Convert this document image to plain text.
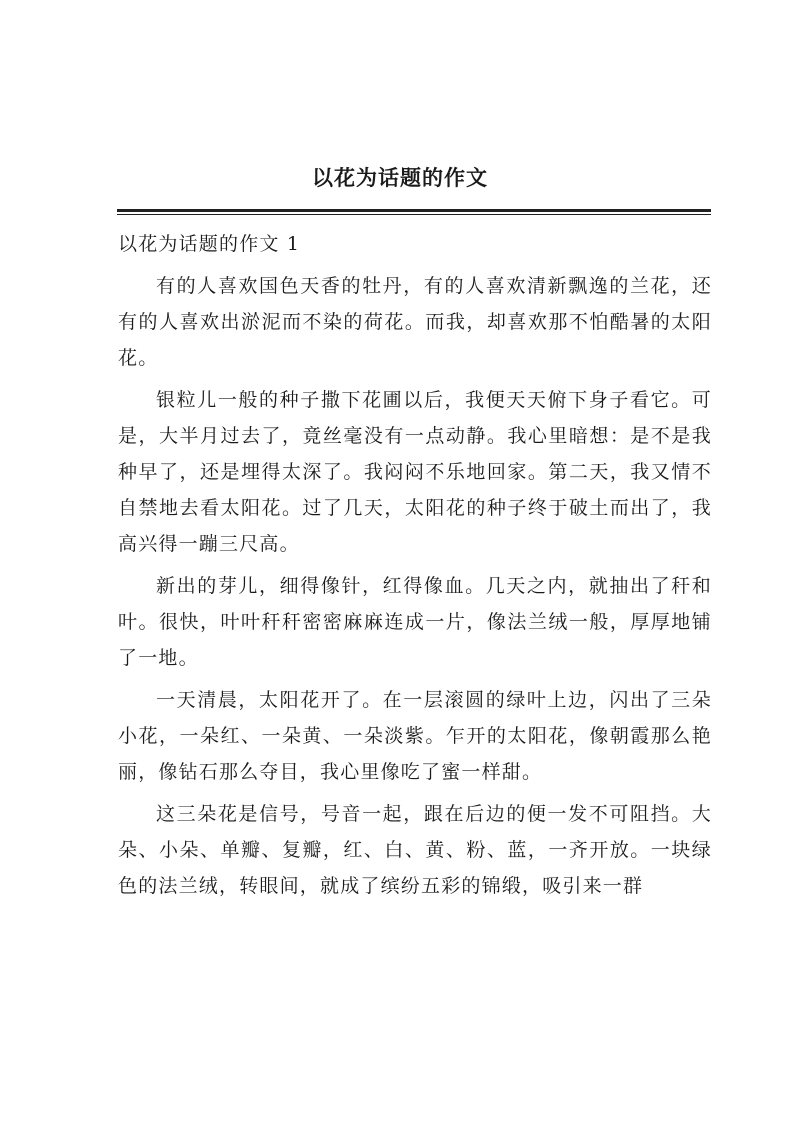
以花为话题的作文
以花为话题的作文 1

有的人喜欢国色天香的牡丹，有的人喜欢清新飘逸的兰花，还有的人喜欢出淤泥而不染的荷花。而我，却喜欢那不怕酷暑的太阳花。

银粒儿一般的种子撒下花圃以后，我便天天俯下身子看它。可是，大半月过去了，竟丝毫没有一点动静。我心里暗想：是不是我种早了，还是埋得太深了。我闷闷不乐地回家。第二天，我又情不自禁地去看太阳花。过了几天，太阳花的种子终于破土而出了，我高兴得一蹦三尺高。

新出的芽儿，细得像针，红得像血。几天之内，就抽出了秆和叶。很快，叶叶秆秆密密麻麻连成一片，像法兰绒一般，厚厚地铺了一地。

一天清晨，太阳花开了。在一层滚圆的绿叶上边，闪出了三朵小花，一朵红、一朵黄、一朵淡紫。乍开的太阳花，像朝霞那么艳丽，像钻石那么夺目，我心里像吃了蜜一样甜。

这三朵花是信号，号音一起，跟在后边的便一发不可阻挡。大朵、小朵、单瓣、复瓣，红、白、黄、粉、蓝，一齐开放。一块绿色的法兰绒，转眼间，就成了缤纷五彩的锦缎，吸引来一群
